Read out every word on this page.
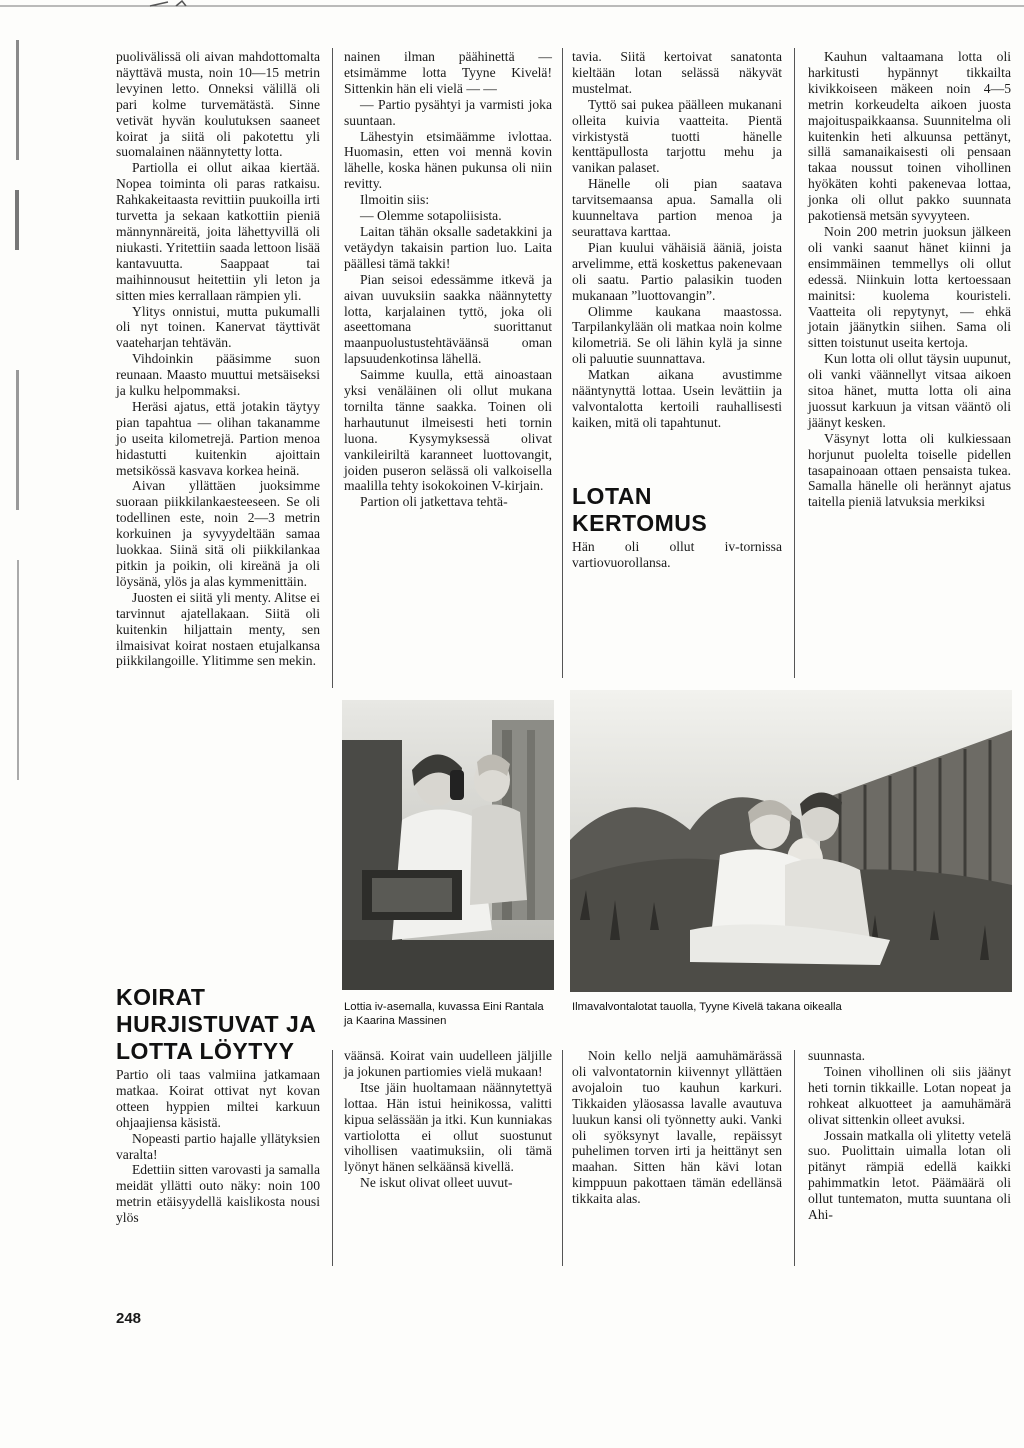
puolivälissä oli aivan mahdottomalta näyttävä musta, noin 10—15 metrin levyinen letto. Onneksi välillä oli pari kolme turvemätästä. Sinne vetivät hyvän koulutuksen saaneet koirat ja siitä oli pakotettu yli suomalainen näännytetty lotta.

Partiolla ei ollut aikaa kiertää. Nopea toiminta oli paras ratkaisu. Rahkakeitaasta revittiin puukoilla irti turvetta ja sekaan katkottiin pieniä männynnäreitä, joita lähettyvillä oli niukasti. Yritettiin saada lettoon lisää kantavuutta. Saappaat tai maihinnousut heitettiin yli leton ja sitten mies kerrallaan rämpien yli.

Ylitys onnistui, mutta pukumalli oli nyt toinen. Kanervat täyttivät vaateharjan tehtävän.

Vihdoinkin pääsimme suon reunaan. Maasto muuttui metsäiseksi ja kulku helpommaksi.

Heräsi ajatus, että jotakin täytyy pian tapahtua — olihan takanamme jo useita kilometrejä. Partion menoa hidastutti kuitenkin ajoittain metsikössä kasvava korkea heinä.

Aivan yllättäen juoksimme suoraan piikkilankaesteeseen. Se oli todellinen este, noin 2—3 metrin korkuinen ja syvyydeltään samaa luokkaa. Siinä sitä oli piikkilankaa pitkin ja poikin, oli kireänä ja oli löysänä, ylös ja alas kymmenittäin.

Juosten ei siitä yli menty. Alitse ei tarvinnut ajatellakaan. Siitä oli kuitenkin hiljattain menty, sen ilmaisivat koirat nostaen etujalkansa piikkilangoille. Ylitimme sen mekin.

KOIRAT HURJISTUVAT JA LOTTA LÖYTYY

Partio oli taas valmiina jatkamaan matkaa. Koirat ottivat nyt kovan otteen hyppien miltei karkuun ohjaajiensa käsistä.

Nopeasti partio hajalle yllätyksien varalta!

Edettiin sitten varovasti ja samalla meidät yllätti outo näky: noin 100 metrin etäisyydellä kaislikosta nousi ylös

nainen ilman päähinettä — etsimämme lotta Tyyne Kivelä! Sittenkin hän eli vielä — —

— Partio pysähtyi ja varmisti joka suuntaan.

Lähestyin etsimäämme ivlottaa. Huomasin, etten voi mennä kovin lähelle, koska hänen pukunsa oli niin revitty.

Ilmoitin siis:

— Olemme sotapoliisista.

Laitan tähän oksalle sadetakkini ja vetäydyn takaisin partion luo. Laita päällesi tämä takki!

Pian seisoi edessämme itkevä ja aivan uuvuksiin saakka näännytetty lotta, karjalainen tyttö, joka oli aseettomana suorittanut maanpuolustustehtäväänsä oman lapsuudenkotinsa lähellä.

Saimme kuulla, että ainoastaan yksi venäläinen oli ollut mukana tornilta tänne saakka. Toinen oli harhautunut ilmeisesti heti tornin luona. Kysymyksessä olivat vankileiriltä karanneet luottovangit, joiden puseron selässä oli valkoisella maalilla tehty isokokoinen V-kirjain.

Partion oli jatkettava tehtä-

Lottia iv-asemalla, kuvassa Eini Rantala ja Kaarina Massinen

väänsä. Koirat vain uudelleen jäljille ja jokunen partiomies vielä mukaan!

Itse jäin huoltamaan näännytettyä lottaa. Hän istui heinikossa, valitti kipua selässään ja itki. Kun kunniakas vartiolotta ei ollut suostunut vihollisen vaatimuksiin, oli tämä lyönyt hänen selkäänsä kivellä.

Ne iskut olivat olleet uuvut-

tavia. Siitä kertoivat sanatonta kieltään lotan selässä näkyvät mustelmat.

Tyttö sai pukea päälleen mukanani olleita kuivia vaatteita. Pientä virkistystä tuotti hänelle kenttäpullosta tarjottu mehu ja vanikan palaset.

Hänelle oli pian saatava tarvitsemaansa apua. Samalla oli kuunneltava partion menoa ja seurattava karttaa.

Pian kuului vähäisiä ääniä, joista arvelimme, että koskettus pakenevaan oli saatu. Partio palasikin tuoden mukanaan ”luottovangin”.

Olimme kaukana maastossa. Tarpilankylään oli matkaa noin kolme kilometriä. Se oli lähin kylä ja sinne oli paluutie suunnattava.

Matkan aikana avustimme nääntynyttä lottaa. Usein levättiin ja valvontalotta kertoili rauhallisesti kaiken, mitä oli tapahtunut.

LOTAN KERTOMUS

Hän oli ollut iv-tornissa vartiovuorollansa.

Kauhun valtaamana lotta oli harkitusti hypännyt tikkailta kivikkoiseen mäkeen noin 4—5 metrin korkeudelta aikoen juosta majoituspaikkaansa. Suunnitelma oli kuitenkin heti alkuunsa pettänyt, sillä samanaikaisesti oli pensaan takaa noussut toinen vihollinen hyökäten kohti pakenevaa lottaa, jonka oli ollut pakko suunnata pakotiensä metsän syvyyteen.

Noin 200 metrin juoksun jälkeen oli vanki saanut hänet kiinni ja ensimmäinen temmellys oli ollut edessä. Niinkuin lotta kertoessaan mainitsi: kuolema kouristeli. Vaatteita oli repytynyt, — ehkä jotain jäänytkin siihen. Sama oli sitten toistunut useita kertoja.

Kun lotta oli ollut täysin uupunut, oli vanki väännellyt vitsaa aikoen sitoa hänet, mutta lotta oli aina juossut karkuun ja vitsan vääntö oli jäänyt kesken.

Väsynyt lotta oli kulkiessaan horjunut puolelta toiselle pidellen tasapainoaan ottaen pensaista tukea. Samalla hänelle oli herännyt ajatus taitella pieniä latvuksia merkiksi

Ilmavalvontalotat tauolla, Tyyne Kivelä takana oikealla

Noin kello neljä aamuhämärässä oli valvontatornin kiivennyt yllättäen avojaloin tuo kauhun karkuri. Tikkaiden yläosassa lavalle avautuva luukun kansi oli työnnetty auki. Vanki oli syöksynyt lavalle, repäissyt puhelimen torven irti ja heittänyt sen maahan. Sitten hän kävi lotan kimppuun pakottaen tämän edellänsä tikkaita alas.

suunnasta.

Toinen vihollinen oli siis jäänyt heti tornin tikkaille. Lotan nopeat ja rohkeat alkuotteet ja aamuhämärä olivat sittenkin olleet avuksi.

Jossain matkalla oli ylitetty vetelä suo. Puolittain uimalla lotan oli pitänyt rämpiä edellä kaikki pahimmatkin letot. Päämäärä oli ollut tuntematon, mutta suuntana oli Ahi-

248
